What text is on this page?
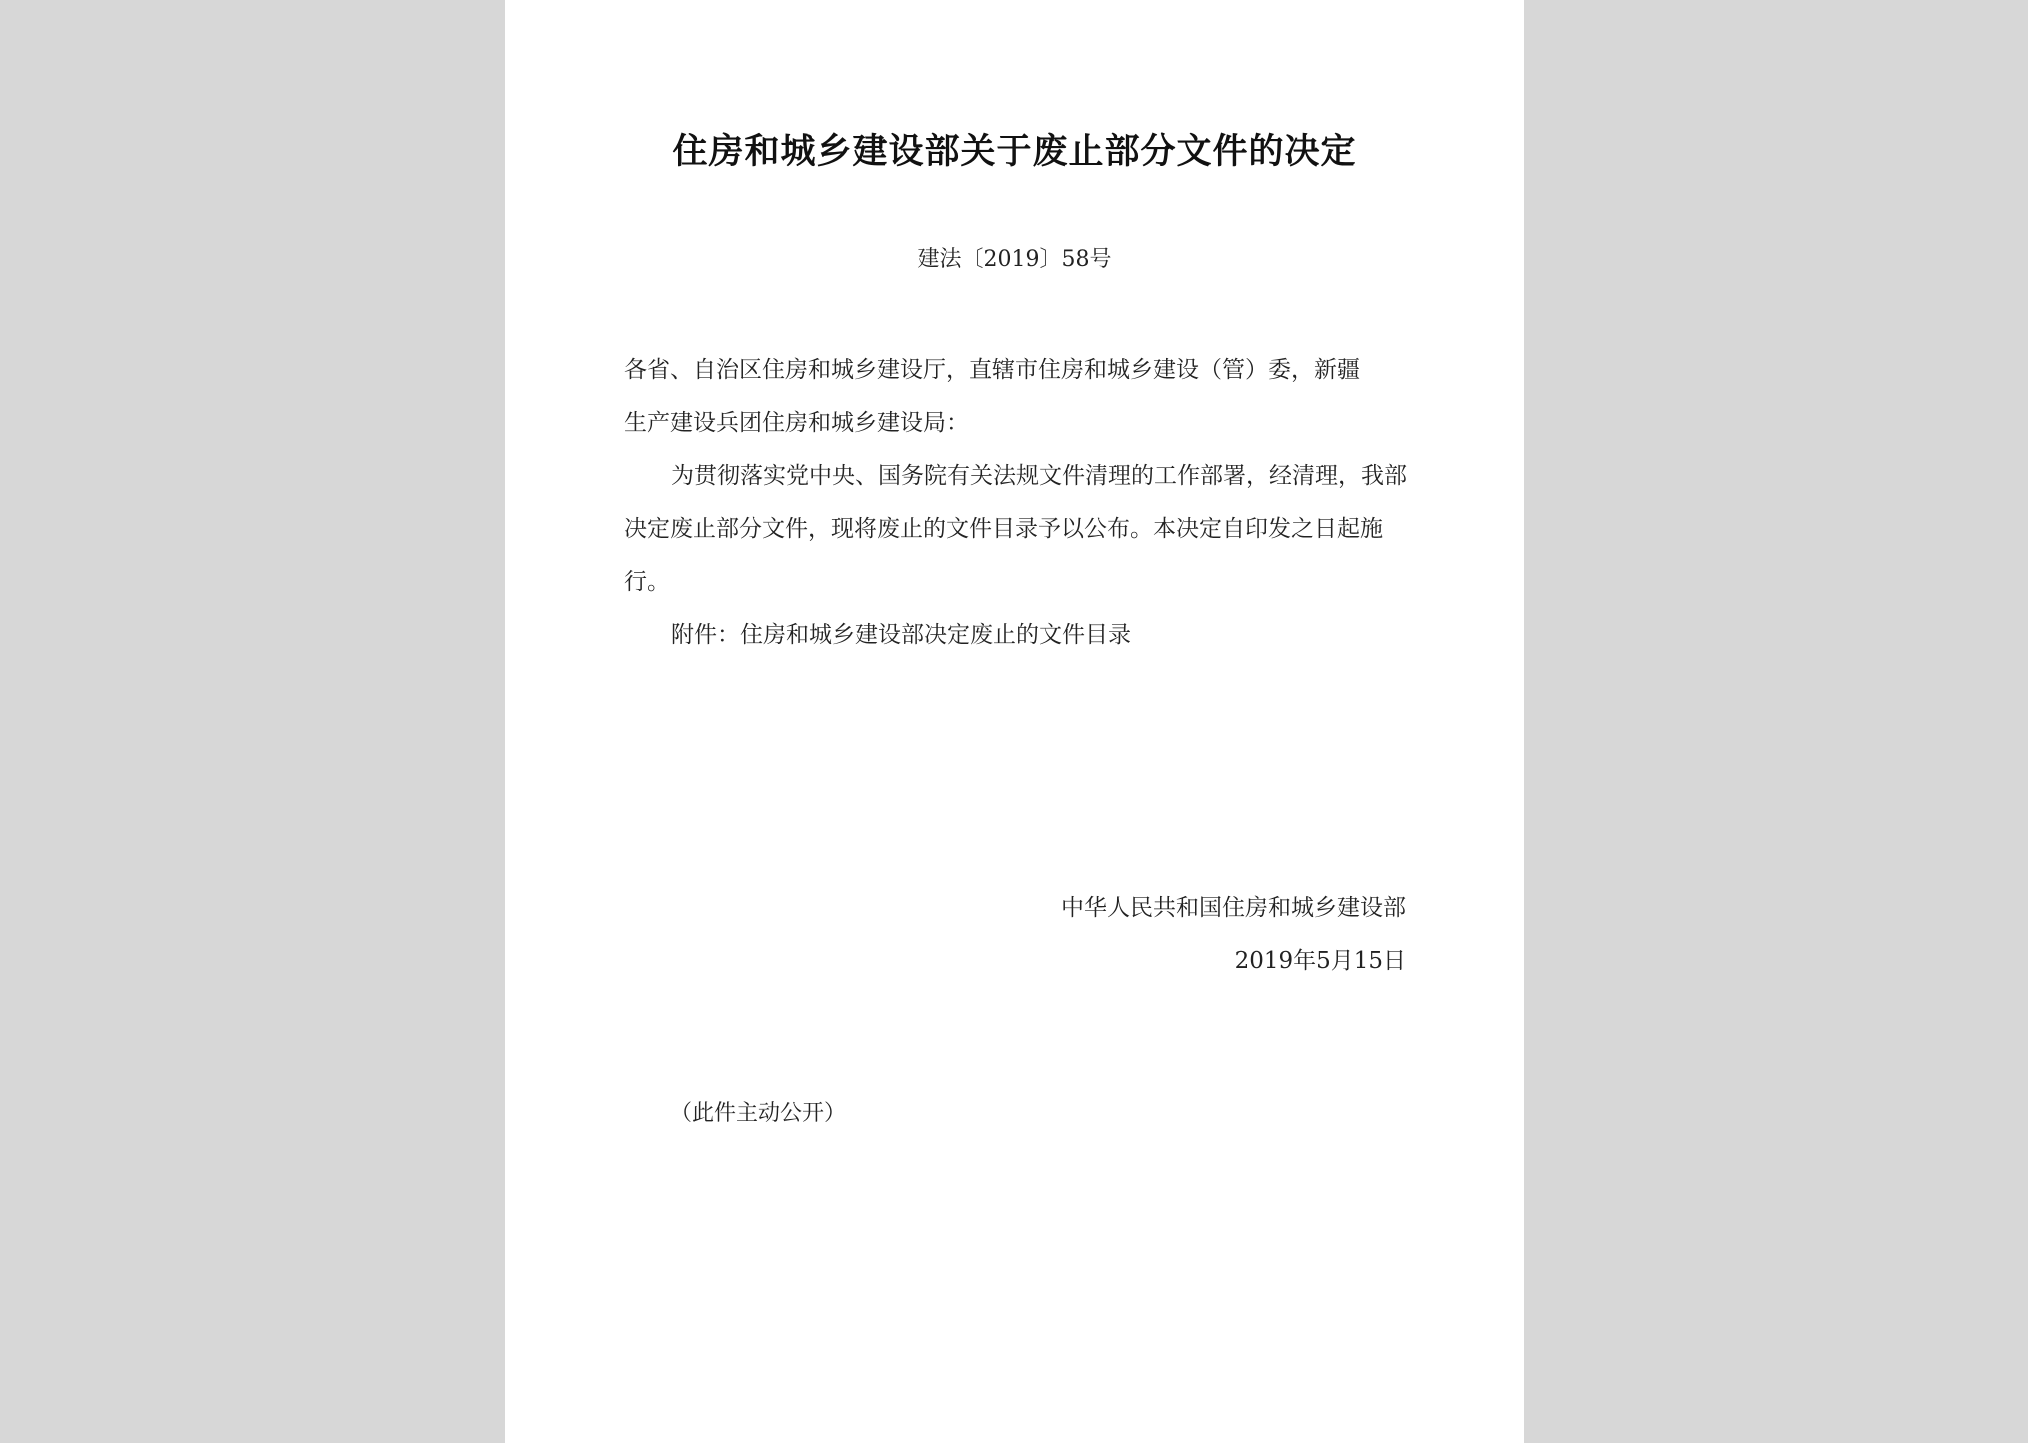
住房和城乡建设部关于废止部分文件的决定
建法〔2019〕58号

各省、自治区住房和城乡建设厅，直辖市住房和城乡建设（管）委，新疆

生产建设兵团住房和城乡建设局：

为贯彻落实党中央、国务院有关法规文件清理的工作部署，经清理，我部决定废止部分文件，现将废止的文件目录予以公布。本决定自印发之日起施行。

附件：住房和城乡建设部决定废止的文件目录

中华人民共和国住房和城乡建设部
2019年5月15日
（此件主动公开）
